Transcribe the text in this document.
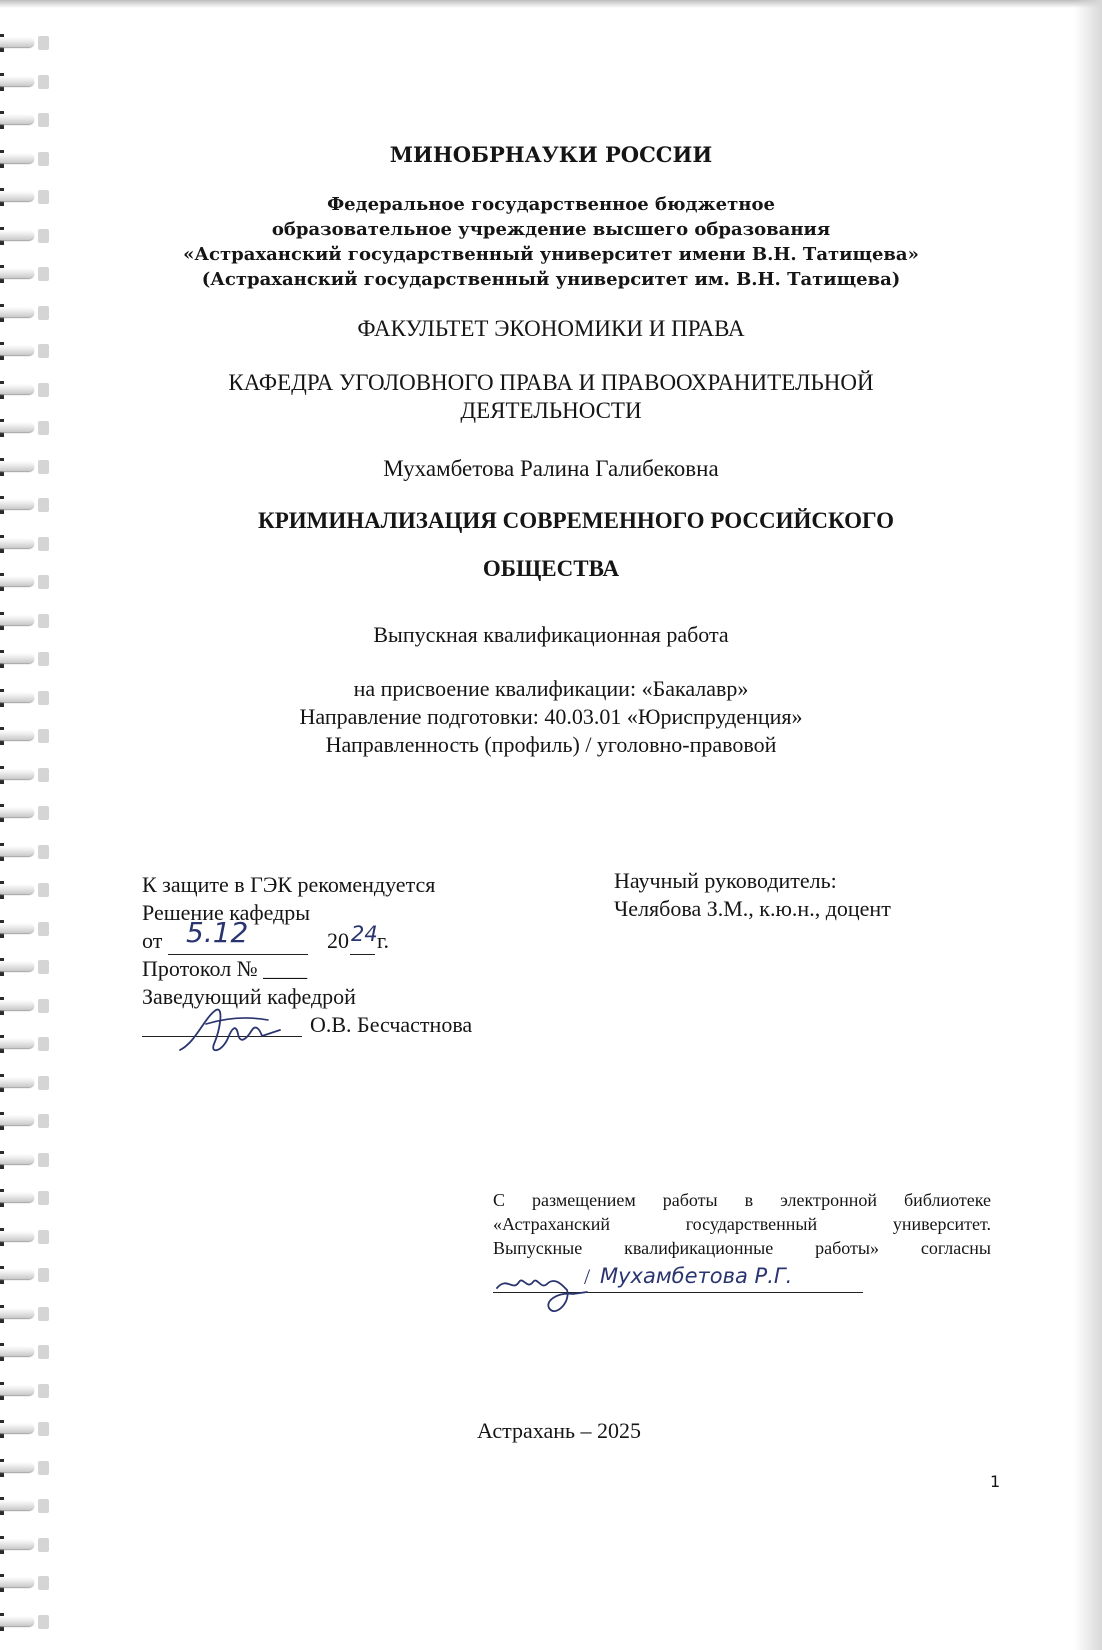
МИНОБРНАУКИ РОССИИ
Федеральное государственное бюджетное
образовательное учреждение высшего образования
«Астраханский государственный университет имени В.Н. Татищева»
(Астраханский государственный университет им. В.Н. Татищева)
ФАКУЛЬТЕТ ЭКОНОМИКИ И ПРАВА
КАФЕДРА УГОЛОВНОГО ПРАВА И ПРАВООХРАНИТЕЛЬНОЙ
ДЕЯТЕЛЬНОСТИ
Мухамбетова Ралина Галибековна
КРИМИНАЛИЗАЦИЯ СОВРЕМЕННОГО РОССИЙСКОГО
ОБЩЕСТВА
Выпускная квалификационная работа
на присвоение квалификации: «Бакалавр»
Направление подготовки: 40.03.01 «Юриспруденция»
Направленность (профиль) / уголовно-правовой
К защите в ГЭК рекомендуется
Решение кафедры
от 5.12	20 24 г.
Протокол № ____
Заведующий кафедрой
О.В. Бесчастнова
Научный руководитель:
Челябова З.М., к.ю.н., доцент
С размещением работы в электронной библиотеке
«Астраханский государственный университет.
Выпускные квалификационные работы» согласны
/ Мухамбетова Р.Г.
Астрахань – 2025
1
